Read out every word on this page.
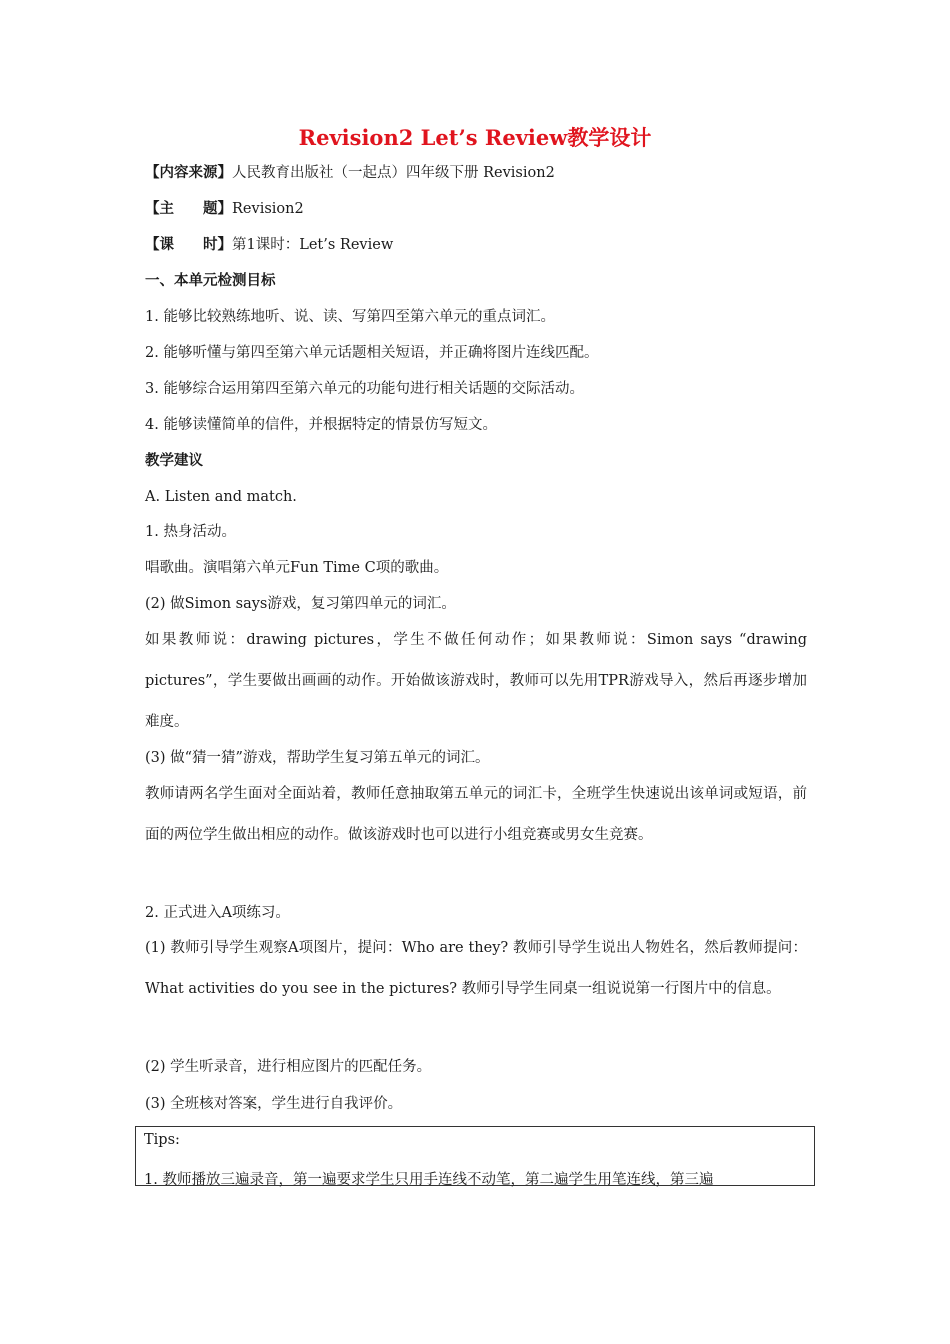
Revision2 Let’s Review教学设计
【内容来源】人民教育出版社（一起点）四年级下册 Revision2
【主　　题】Revision2
【课　　时】第1课时：Let’s Review
一、本单元检测目标
1. 能够比较熟练地听、说、读、写第四至第六单元的重点词汇。
2. 能够听懂与第四至第六单元话题相关短语，并正确将图片连线匹配。
3. 能够综合运用第四至第六单元的功能句进行相关话题的交际活动。
4. 能够读懂简单的信件，并根据特定的情景仿写短文。
教学建议
A. Listen and match.
1. 热身活动。
唱歌曲。演唱第六单元Fun Time C项的歌曲。
(2) 做Simon says游戏，复习第四单元的词汇。
如果教师说：drawing pictures，学生不做任何动作；如果教师说：Simon says “drawing pictures”，学生要做出画画的动作。开始做该游戏时，教师可以先用TPR游戏导入，然后再逐步增加难度。
(3) 做“猜一猜”游戏，帮助学生复习第五单元的词汇。
教师请两名学生面对全面站着，教师任意抽取第五单元的词汇卡，全班学生快速说出该单词或短语，前面的两位学生做出相应的动作。做该游戏时也可以进行小组竞赛或男女生竞赛。
2. 正式进入A项练习。
(1) 教师引导学生观察A项图片，提问：Who are they? 教师引导学生说出人物姓名，然后教师提问：What activities do you see in the pictures? 教师引导学生同桌一组说说第一行图片中的信息。
(2) 学生听录音，进行相应图片的匹配任务。
(3) 全班核对答案，学生进行自我评价。
Tips:
1. 教师播放三遍录音，第一遍要求学生只用手连线不动笔，第二遍学生用笔连线，第三遍
